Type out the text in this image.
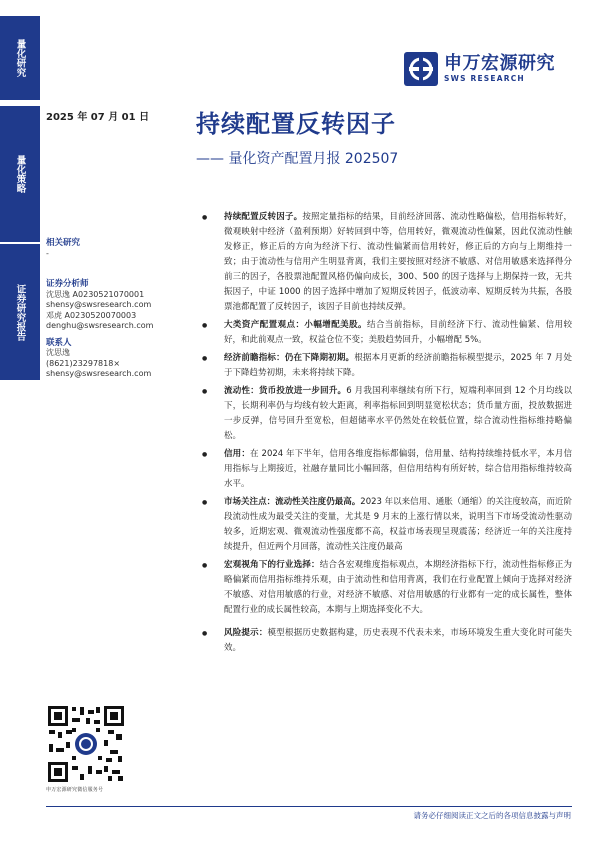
量化研究
量化策略
证券研究报告
申万宏源研究
SWS RESEARCH
2025 年 07 月 01 日 持续配置反转因子
—— 量化资产配置月报 202507
相关研究
-
证券分析师
沈思逸 A0230521070001
shensy@swsresearch.com
邓虎 A0230520070003
denghu@swsresearch.com
联系人
沈思逸
(8621)23297818×
shensy@swsresearch.com
申万宏源研究微信服务号
● 持续配置反转因子。按照定量指标的结果，目前经济回落、流动性略偏松，信用指标转好，微观映射中经济（盈利预期）好转回到中等，信用转好，微观流动性偏紧，因此仅流动性触发修正，修正后的方向为经济下行、流动性偏紧而信用转好，修正后的方向与上期维持一致；由于流动性与信用产生明显背离，我们主要按照对经济不敏感、对信用敏感来选择得分前三的因子，各股票池配置风格仍偏向成长，300、500 的因子选择与上期保持一致，无共振因子，中证 1000 的因子选择中增加了短期反转因子，低波动率、短期反转为共振，各股票池都配置了反转因子，该因子目前也持续反弹。
● 大类资产配置观点：小幅增配美股。结合当前指标，目前经济下行、流动性偏紧、信用较好，和此前观点一致，权益仓位不变；美股趋势回升，小幅增配 5%。
● 经济前瞻指标：仍在下降期初期。根据本月更新的经济前瞻指标模型提示，2025 年 7 月处于下降趋势初期，未来将持续下降。
● 流动性：货币投放进一步回升。6 月我国利率继续有所下行，短端利率回到 12 个月均线以下，长期利率仍与均线有较大距离，利率指标回到明显宽松状态；货币量方面，投放数据进一步反弹，信号回升至宽松，但超储率水平仍然处在较低位置，综合流动性指标维持略偏松。
● 信用：在 2024 年下半年，信用各维度指标都偏弱，信用量、结构持续维持低水平，本月信用指标与上期接近，社融存量同比小幅回落，但信用结构有所好转，综合信用指标维持较高水平。
● 市场关注点：流动性关注度仍最高。2023 年以来信用、通胀（通缩）的关注度较高，而近阶段流动性成为最受关注的变量，尤其是 9 月末的上涨行情以来，说明当下市场受流动性驱动较多，近期宏观、微观流动性强度都不高，权益市场表现呈现震荡；经济近一年的关注度持续提升，但近两个月回落，流动性关注度仍最高
● 宏观视角下的行业选择：结合各宏观维度指标观点，本期经济指标下行，流动性指标修正为略偏紧而信用指标维持乐观，由于流动性和信用背离，我们在行业配置上倾向于选择对经济不敏感、对信用敏感的行业，对经济不敏感、对信用敏感的行业都有一定的成长属性，整体配置行业的成长属性较高，本期与上期选择变化不大。
● 风险提示：模型根据历史数据构建，历史表现不代表未来，市场环境发生重大变化时可能失效。
请务必仔细阅读正文之后的各项信息披露与声明
